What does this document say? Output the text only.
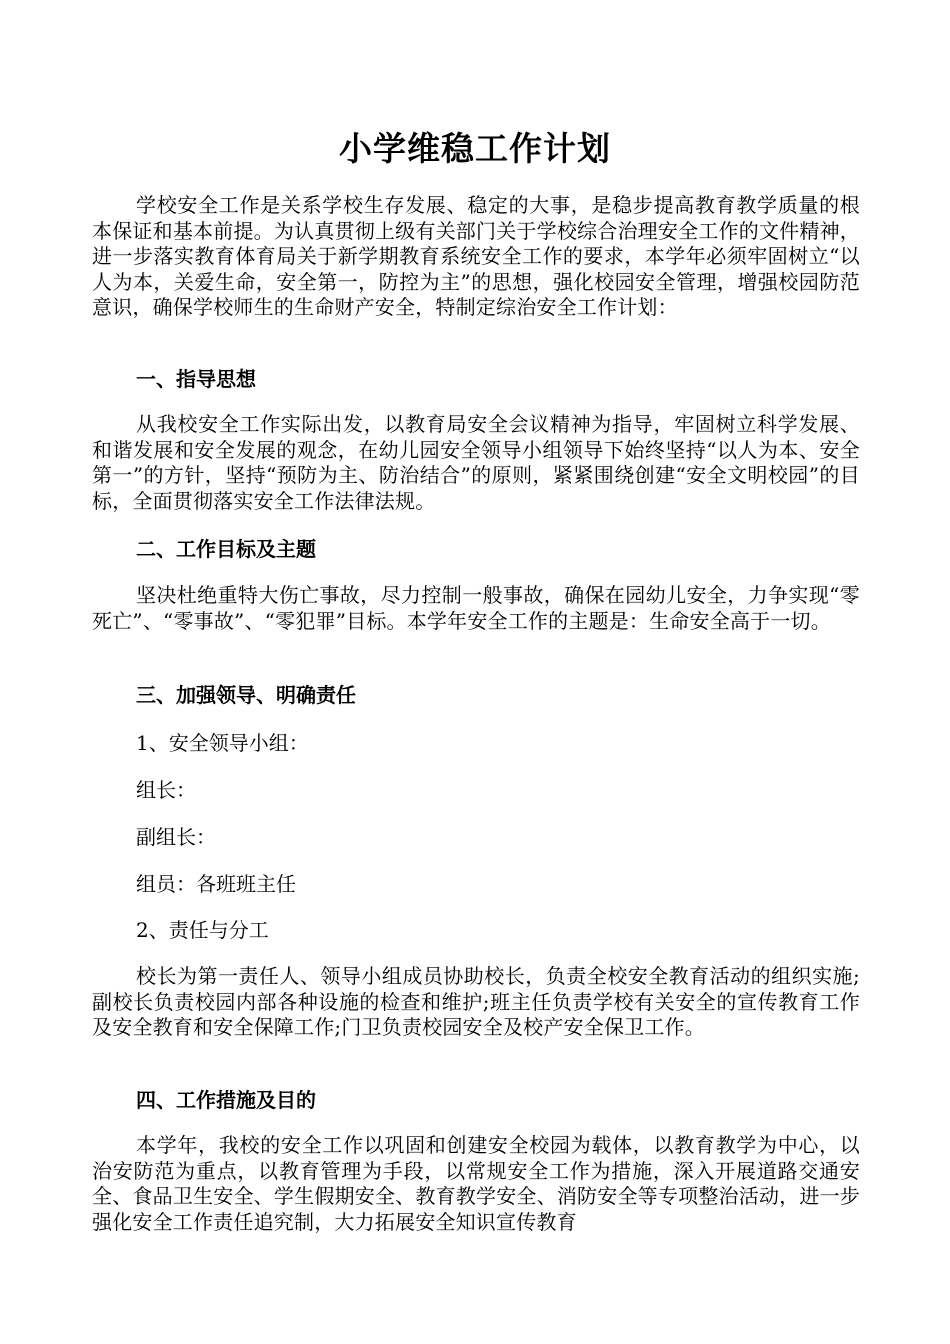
小学维稳工作计划

学校安全工作是关系学校生存发展、稳定的大事，是稳步提高教育教学质量的根本保证和基本前提。为认真贯彻上级有关部门关于学校综合治理安全工作的文件精神，进一步落实教育体育局关于新学期教育系统安全工作的要求，本学年必须牢固树立“以人为本，关爱生命，安全第一，防控为主”的思想，强化校园安全管理，增强校园防范意识，确保学校师生的生命财产安全，特制定综治安全工作计划：

一、指导思想

从我校安全工作实际出发，以教育局安全会议精神为指导，牢固树立科学发展、和谐发展和安全发展的观念，在幼儿园安全领导小组领导下始终坚持“以人为本、安全第一”的方针，坚持“预防为主、防治结合”的原则，紧紧围绕创建“安全文明校园”的目标，全面贯彻落实安全工作法律法规。

二、工作目标及主题

坚决杜绝重特大伤亡事故，尽力控制一般事故，确保在园幼儿安全，力争实现“零死亡”、“零事故”、“零犯罪”目标。本学年安全工作的主题是：生命安全高于一切。

三、加强领导、明确责任

1、安全领导小组：

组长：

副组长：

组员：各班班主任

2、责任与分工

校长为第一责任人、领导小组成员协助校长，负责全校安全教育活动的组织实施;副校长负责校园内部各种设施的检查和维护;班主任负责学校有关安全的宣传教育工作及安全教育和安全保障工作;门卫负责校园安全及校产安全保卫工作。

四、工作措施及目的

本学年，我校的安全工作以巩固和创建安全校园为载体，以教育教学为中心，以治安防范为重点，以教育管理为手段，以常规安全工作为措施，深入开展道路交通安全、食品卫生安全、学生假期安全、教育教学安全、消防安全等专项整治活动，进一步强化安全工作责任追究制，大力拓展安全知识宣传教育
